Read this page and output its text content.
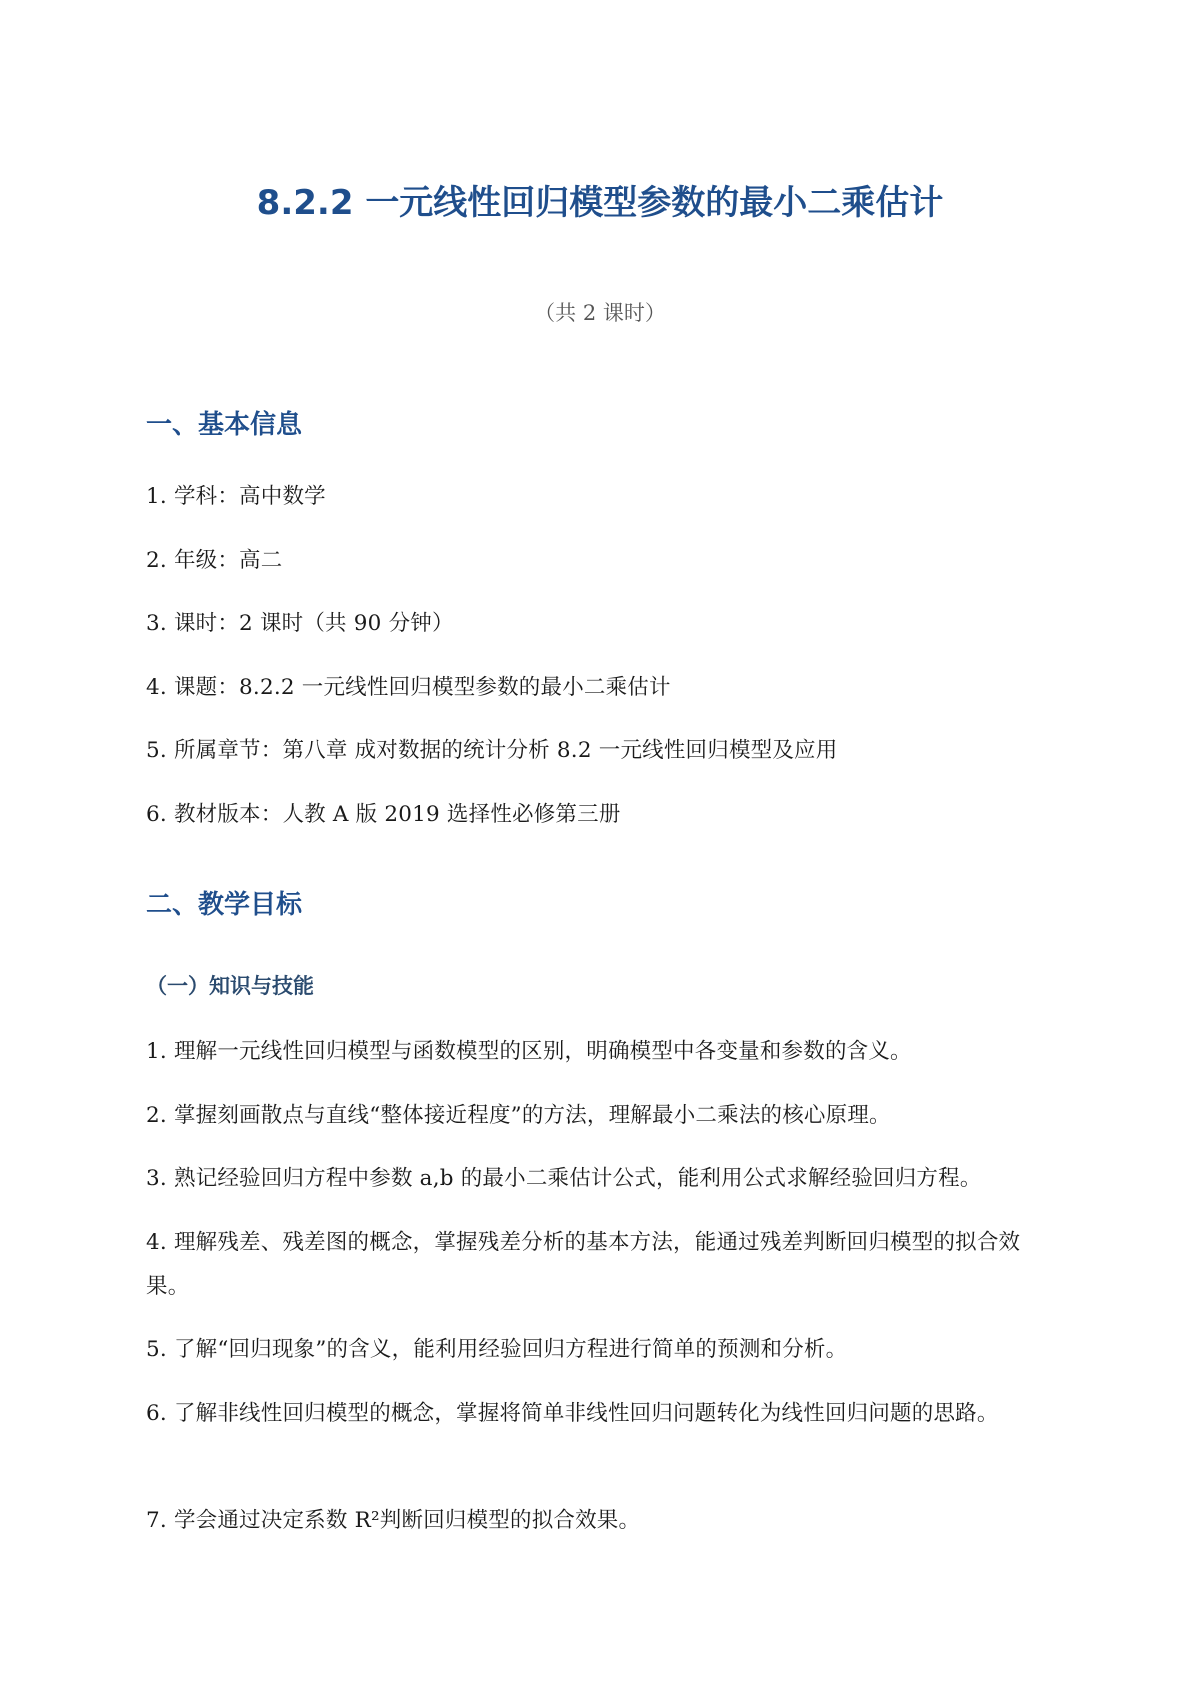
8.2.2 一元线性回归模型参数的最小二乘估计

（共 2 课时）

一、基本信息

1. 学科：高中数学

2. 年级：高二

3. 课时：2 课时（共 90 分钟）

4. 课题：8.2.2 一元线性回归模型参数的最小二乘估计

5. 所属章节：第八章 成对数据的统计分析 8.2 一元线性回归模型及应用

6. 教材版本：人教 A 版 2019 选择性必修第三册

二、教学目标
（一）知识与技能

1. 理解一元线性回归模型与函数模型的区别，明确模型中各变量和参数的含义。

2. 掌握刻画散点与直线“整体接近程度”的方法，理解最小二乘法的核心原理。

3. 熟记经验回归方程中参数 a,b 的最小二乘估计公式，能利用公式求解经验回归方程。

4. 理解残差、残差图的概念，掌握残差分析的基本方法，能通过残差判断回归模型的拟合效果。

5. 了解“回归现象”的含义，能利用经验回归方程进行简单的预测和分析。

6. 了解非线性回归模型的概念，掌握将简单非线性回归问题转化为线性回归问题的思路。

7. 学会通过决定系数 R²判断回归模型的拟合效果。
